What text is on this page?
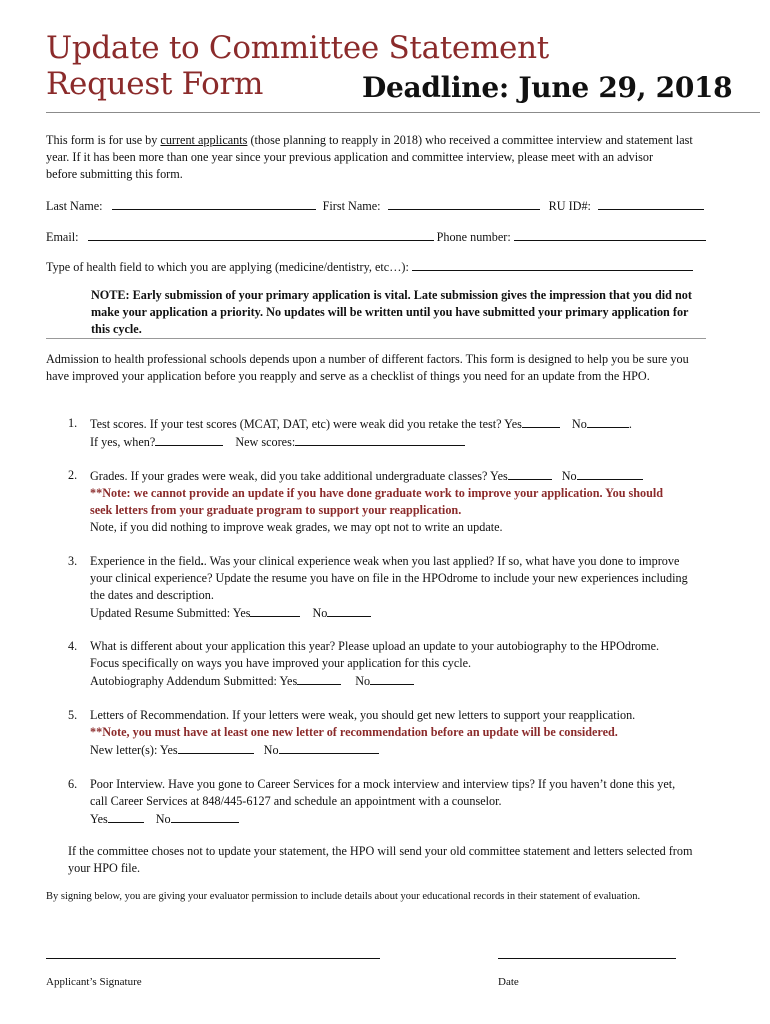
Update to Committee Statement
Request Form	Deadline: June 29, 2018
This form is for use by current applicants (those planning to reapply in 2018) who received a committee interview and statement last
year. If it has been more than one year since your previous application and committee interview, please meet with an advisor
before submitting this form.
Last Name:	First Name:	RU ID#:
Email:	Phone number:
Type of health field to which you are applying (medicine/dentistry, etc…):
NOTE: Early submission of your primary application is vital. Late submission gives the impression that you did not
make your application a priority. No updates will be written until you have submitted your primary application for
this cycle.
Admission to health professional schools depends upon a number of different factors. This form is designed to help you be sure you
have improved your application before you reapply and serve as a checklist of things you need for an update from the HPO.
1. Test scores. If your test scores (MCAT, DAT, etc) were weak did you retake the test? Yes	No	.
If yes, when?	New scores:
2. Grades. If your grades were weak, did you take additional undergraduate classes? Yes	No
**Note: we cannot provide an update if you have done graduate work to improve your application. You should
seek letters from your graduate program to support your reapplication.
Note, if you did nothing to improve weak grades, we may opt not to write an update.
3. Experience in the field.. Was your clinical experience weak when you last applied? If so, what have you done to improve
your clinical experience? Update the resume you have on file in the HPOdrome to include your new experiences including
the dates and description.
Updated Resume Submitted: Yes	No
4. What is different about your application this year? Please upload an update to your autobiography to the HPOdrome.
Focus specifically on ways you have improved your application for this cycle.
Autobiography Addendum Submitted: Yes	No
5. Letters of Recommendation. If your letters were weak, you should get new letters to support your reapplication.
**Note, you must have at least one new letter of recommendation before an update will be considered.
New letter(s): Yes	No
6. Poor Interview. Have you gone to Career Services for a mock interview and interview tips? If you haven’t done this yet,
call Career Services at 848/445-6127 and schedule an appointment with a counselor.
Yes	No
If the committee choses not to update your statement, the HPO will send your old committee statement and letters selected from
your HPO file.
By signing below, you are giving your evaluator permission to include details about your educational records in their statement of evaluation.
Applicant’s Signature	Date
